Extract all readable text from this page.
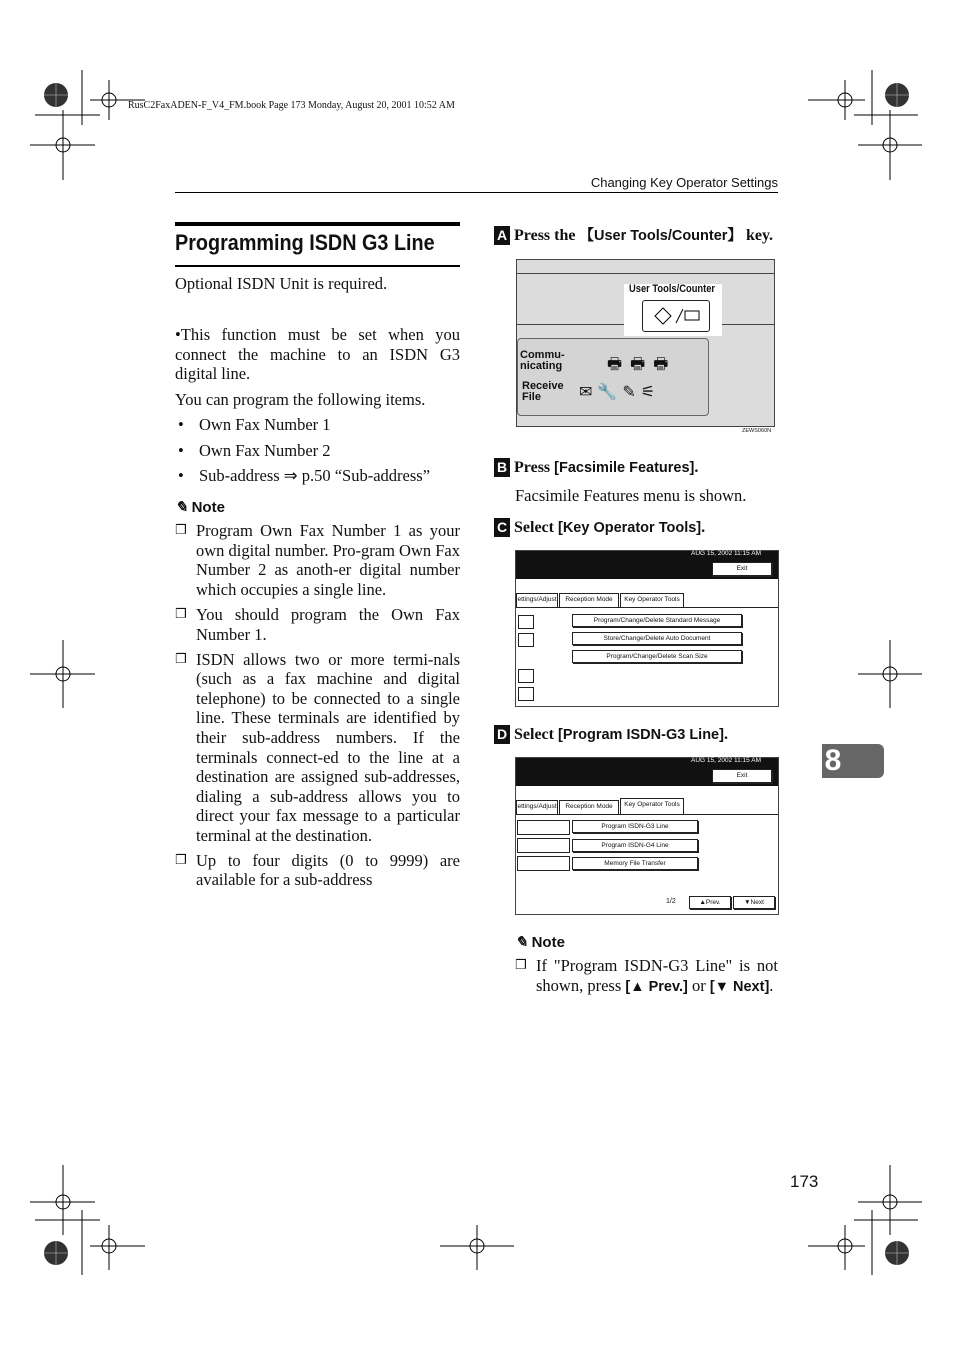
RusC2FaxADEN-F_V4_FM.book Page 173 Monday, August 20, 2001 10:52 AM
Changing Key Operator Settings
Programming ISDN G3 Line
Optional ISDN Unit is required.
•This function must be set when you connect the machine to an ISDN G3 digital line.
You can program the following items.
• Own Fax Number 1
• Own Fax Number 2
• Sub-address ⇒ p.50 “Sub-address”
✎ Note
❒ Program Own Fax Number 1 as your own digital number. Pro-gram Own Fax Number 2 as anoth-er digital number which occupies a single line.
❒ You should program the Own Fax Number 1.
❒ ISDN allows two or more termi-nals (such as a fax machine and digital telephone) to be connected to a single line. These terminals are identified by their sub-address numbers. If the terminals connect-ed to the line at a destination are assigned sub-addresses, dialing a sub-address allows you to direct your fax message to a particular terminal at the destination.
❒ Up to four digits (0 to 9999) are available for a sub-address
A Press the 【User Tools/Counter】 key.
User Tools/Counter
Commu-
nicating
Receive
File
🖶🖶🖶
✉🔧✎⚟
ZEWS060N
B Press [Facsimile Features].
Facsimile Features menu is shown.
C Select [Key Operator Tools].
AUG 15, 2002 11:15 AM
Exit
ettings/Adjust	Reception Mode	Key Operator Tools
Program/Change/Delete Standard Message
Store/Change/Delete Auto Document
Program/Change/Delete Scan Size
D Select [Program ISDN-G3 Line].
AUG 15, 2002 11:15 AM
Exit
ettings/Adjust	Reception Mode	Key Operator Tools
Program ISDN-G3 Line
Program ISDN-G4 Line
Memory File Transfer
1/2	▲Prev.	▼Next
✎ Note
❒ If "Program ISDN-G3 Line" is not shown, press [▲ Prev.] or [▼ Next].
8
173
